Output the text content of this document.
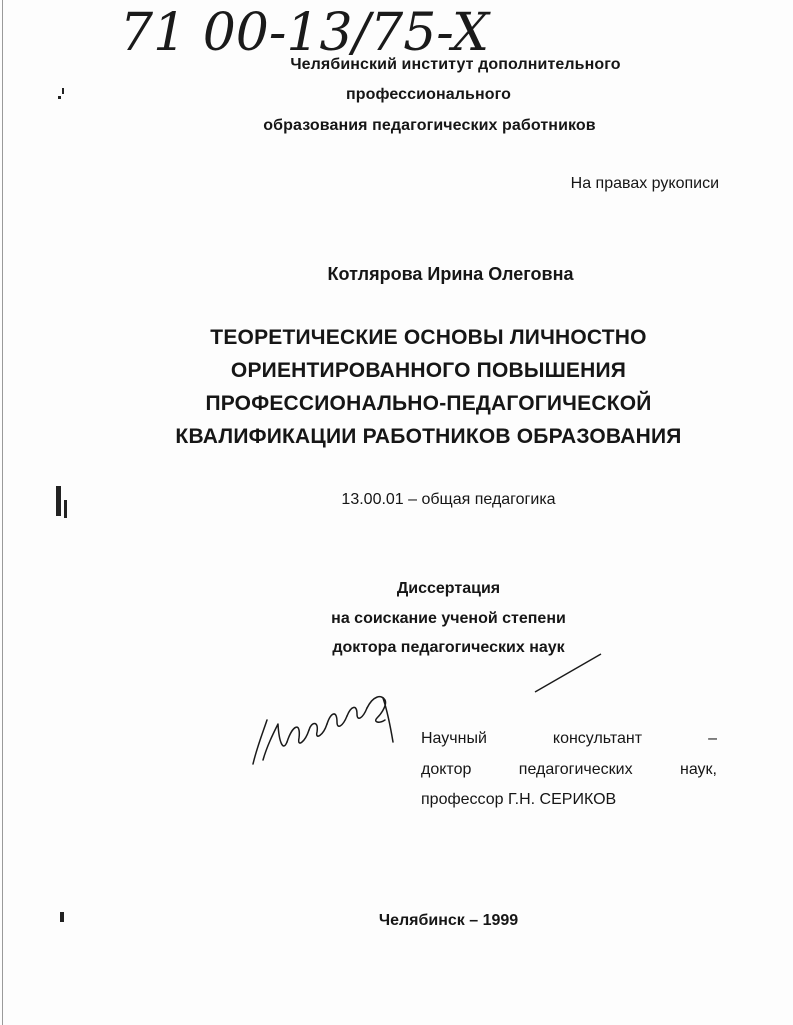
71 00-13/75-X
Челябинский институт дополнительного
профессионального
образования педагогических работников
На правах рукописи
Котлярова Ирина Олеговна
ТЕОРЕТИЧЕСКИЕ ОСНОВЫ ЛИЧНОСТНО
ОРИЕНТИРОВАННОГО ПОВЫШЕНИЯ
ПРОФЕССИОНАЛЬНО-ПЕДАГОГИЧЕСКОЙ
КВАЛИФИКАЦИИ РАБОТНИКОВ ОБРАЗОВАНИЯ
13.00.01 – общая педагогика
Диссертация
на соискание ученой степени
доктора педагогических наук
Научный консультант –
доктор педагогических наук,
профессор Г.Н. СЕРИКОВ
Челябинск – 1999
